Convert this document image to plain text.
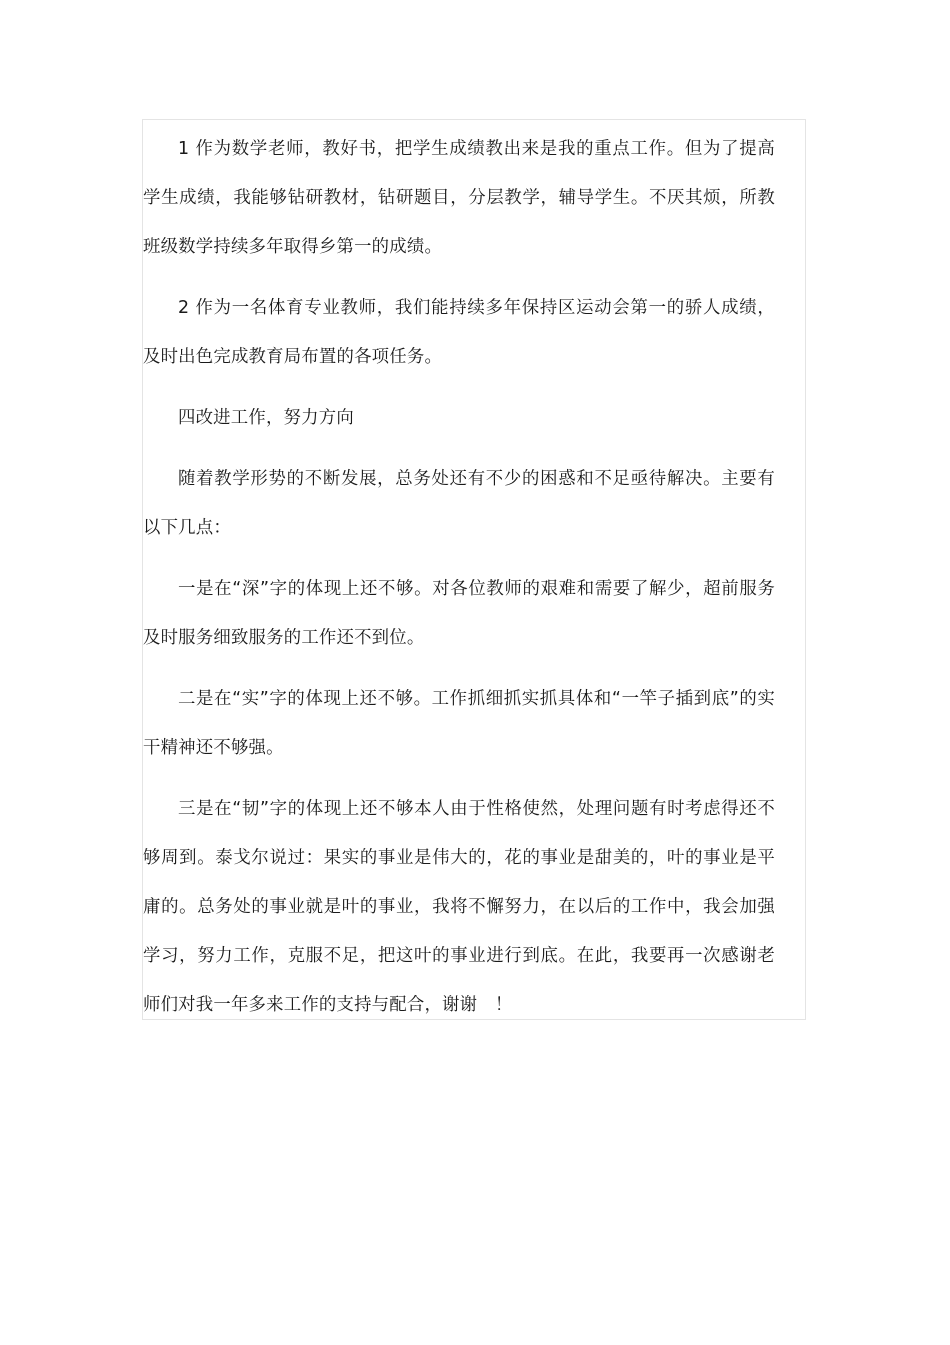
1 作为数学老师，教好书，把学生成绩教出来是我的重点工作。但为了提高学生成绩，我能够钻研教材，钻研题目，分层教学，辅导学生。不厌其烦，所教班级数学持续多年取得乡第一的成绩。

2 作为一名体育专业教师，我们能持续多年保持区运动会第一的骄人成绩，及时出色完成教育局布置的各项任务。

四改进工作，努力方向

随着教学形势的不断发展，总务处还有不少的困惑和不足亟待解决。主要有以下几点：

一是在“深”字的体现上还不够。对各位教师的艰难和需要了解少，超前服务及时服务细致服务的工作还不到位。

二是在“实”字的体现上还不够。工作抓细抓实抓具体和“一竿子插到底”的实干精神还不够强。

三是在“韧”字的体现上还不够本人由于性格使然，处理问题有时考虑得还不够周到。泰戈尔说过：果实的事业是伟大的，花的事业是甜美的，叶的事业是平庸的。总务处的事业就是叶的事业，我将不懈努力，在以后的工作中，我会加强学习，努力工作，克服不足，把这叶的事业进行到底。在此，我要再一次感谢老师们对我一年多来工作的支持与配合，谢谢　！
